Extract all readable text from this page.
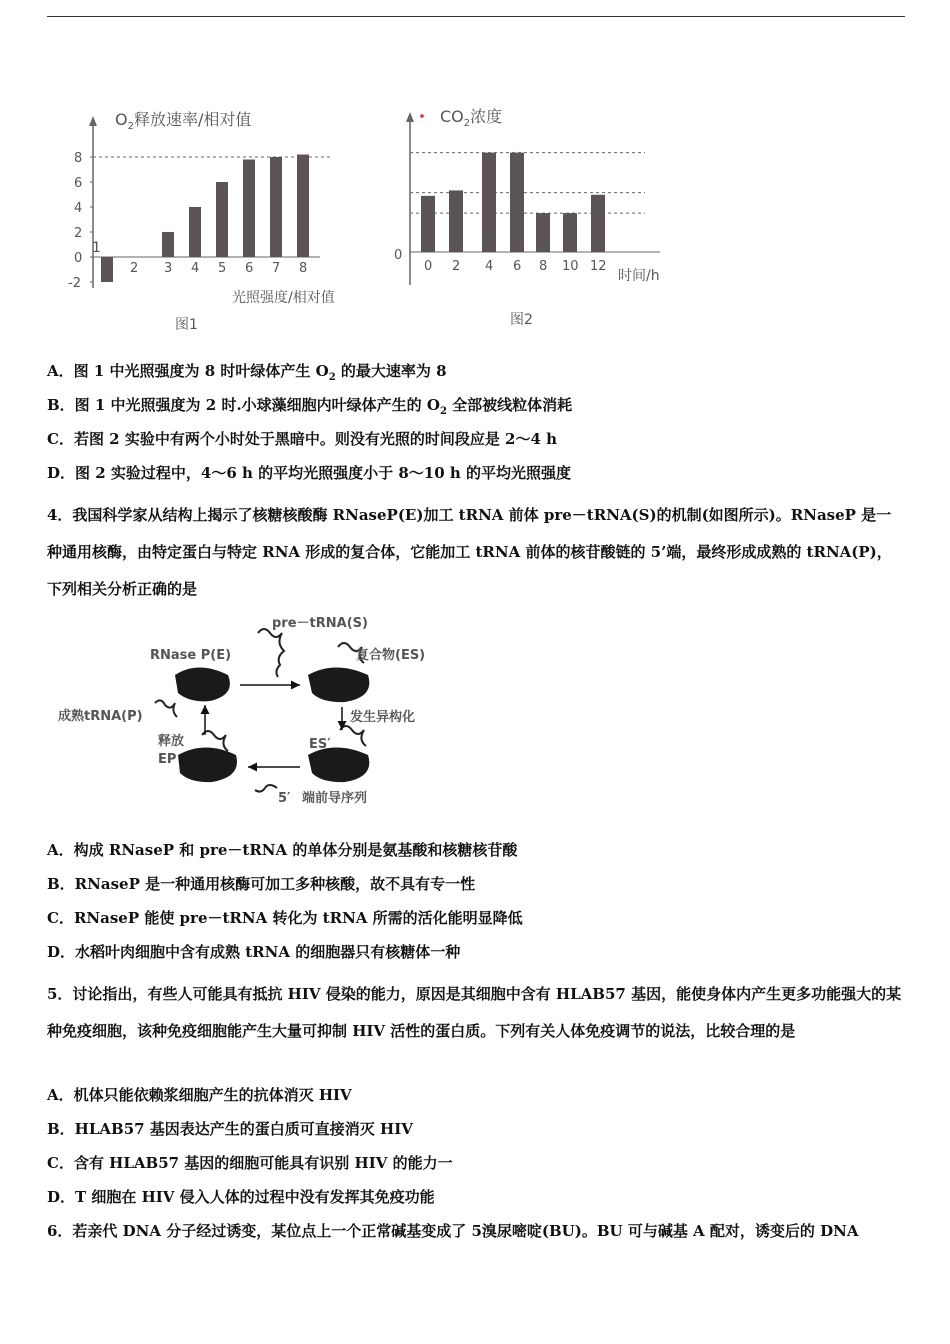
$O_2$释放速率/相对值
8
6
4
2
0
-2
2 3 4 5 6 7 8
1
光照强度/相对值
图1
$CO_2$浓度
0 2 4 6 8 10 12
0
时间/h
图2
A．图 1 中光照强度为 8 时叶绿体产生 $O_2$ 的最大速率为 8
B．图 1 中光照强度为 2 时.小球藻细胞内叶绿体产生的 $O_2$ 全部被线粒体消耗
C．若图 2 实验中有两个小时处于黑暗中。则没有光照的时间段应是 2～4 h
D．图 2 实验过程中，4～6 h 的平均光照强度小于 8～10 h 的平均光照强度
4．我国科学家从结构上揭示了核糖核酸酶 RNaseP(E)加工 tRNA 前体 pre－tRNA(S)的机制(如图所示)。RNaseP 是一种通用核酶，由特定蛋白与特定 RNA 形成的复合体，它能加工 tRNA 前体的核苷酸链的 5’端，最终形成成熟的 tRNA(P)，下列相关分析正确的是
pre－tRNA(S)
RNase P(E)	复合物(ES)
发生异构化
ES′
成熟tRNA(P)
释放
EP
5′ 端前导序列
A．构成 RNaseP 和 pre－tRNA 的单体分别是氨基酸和核糖核苷酸
B．RNaseP 是一种通用核酶可加工多种核酸，故不具有专一性
C．RNaseP 能使 pre－tRNA 转化为 tRNA 所需的活化能明显降低
D．水稻叶肉细胞中含有成熟 tRNA 的细胞器只有核糖体一种
5．讨论指出，有些人可能具有抵抗 HIV 侵染的能力，原因是其细胞中含有 HLAB57 基因，能使身体内产生更多功能强大的某种免疫细胞，该种免疫细胞能产生大量可抑制 HIV 活性的蛋白质。下列有关人体免疫调节的说法，比较合理的是
A．机体只能依赖浆细胞产生的抗体消灭 HIV
B．HLAB57 基因表达产生的蛋白质可直接消灭 HIV
C．含有 HLAB57 基因的细胞可能具有识别 HIV 的能力一
D．T 细胞在 HIV 侵入人体的过程中没有发挥其免疫功能
6．若亲代 DNA 分子经过诱变，某位点上一个正常碱基变成了 5溴尿嘧啶(BU)。BU 可与碱基 A 配对，诱变后的 DNA
